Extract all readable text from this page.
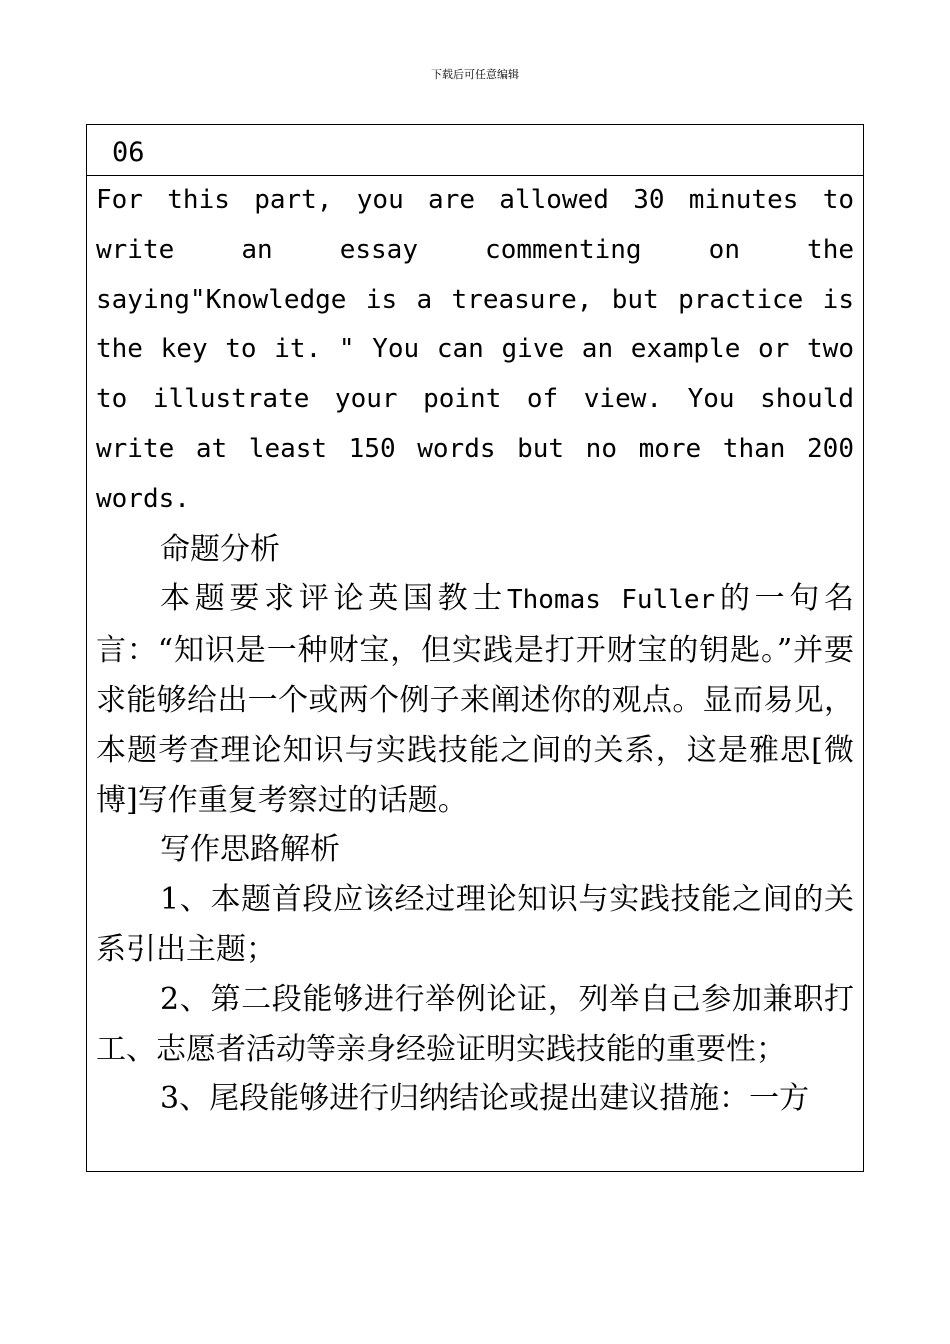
下载后可任意编辑
06

For this part, you are allowed 30 minutes to write an essay commenting on the saying"Knowledge is a treasure, but practice is the key to it. " You can give an example or two to illustrate your point of view. You should write at least 150 words but no more than 200 words.

命题分析

本题要求评论英国教士Thomas Fuller的一句名言：“知识是一种财宝，但实践是打开财宝的钥匙。”并要求能够给出一个或两个例子来阐述你的观点。显而易见，本题考查理论知识与实践技能之间的关系，这是雅思[微博]写作重复考察过的话题。

写作思路解析

1、本题首段应该经过理论知识与实践技能之间的关系引出主题；

2、第二段能够进行举例论证，列举自己参加兼职打工、志愿者活动等亲身经验证明实践技能的重要性；

3、尾段能够进行归纳结论或提出建议措施：一方
